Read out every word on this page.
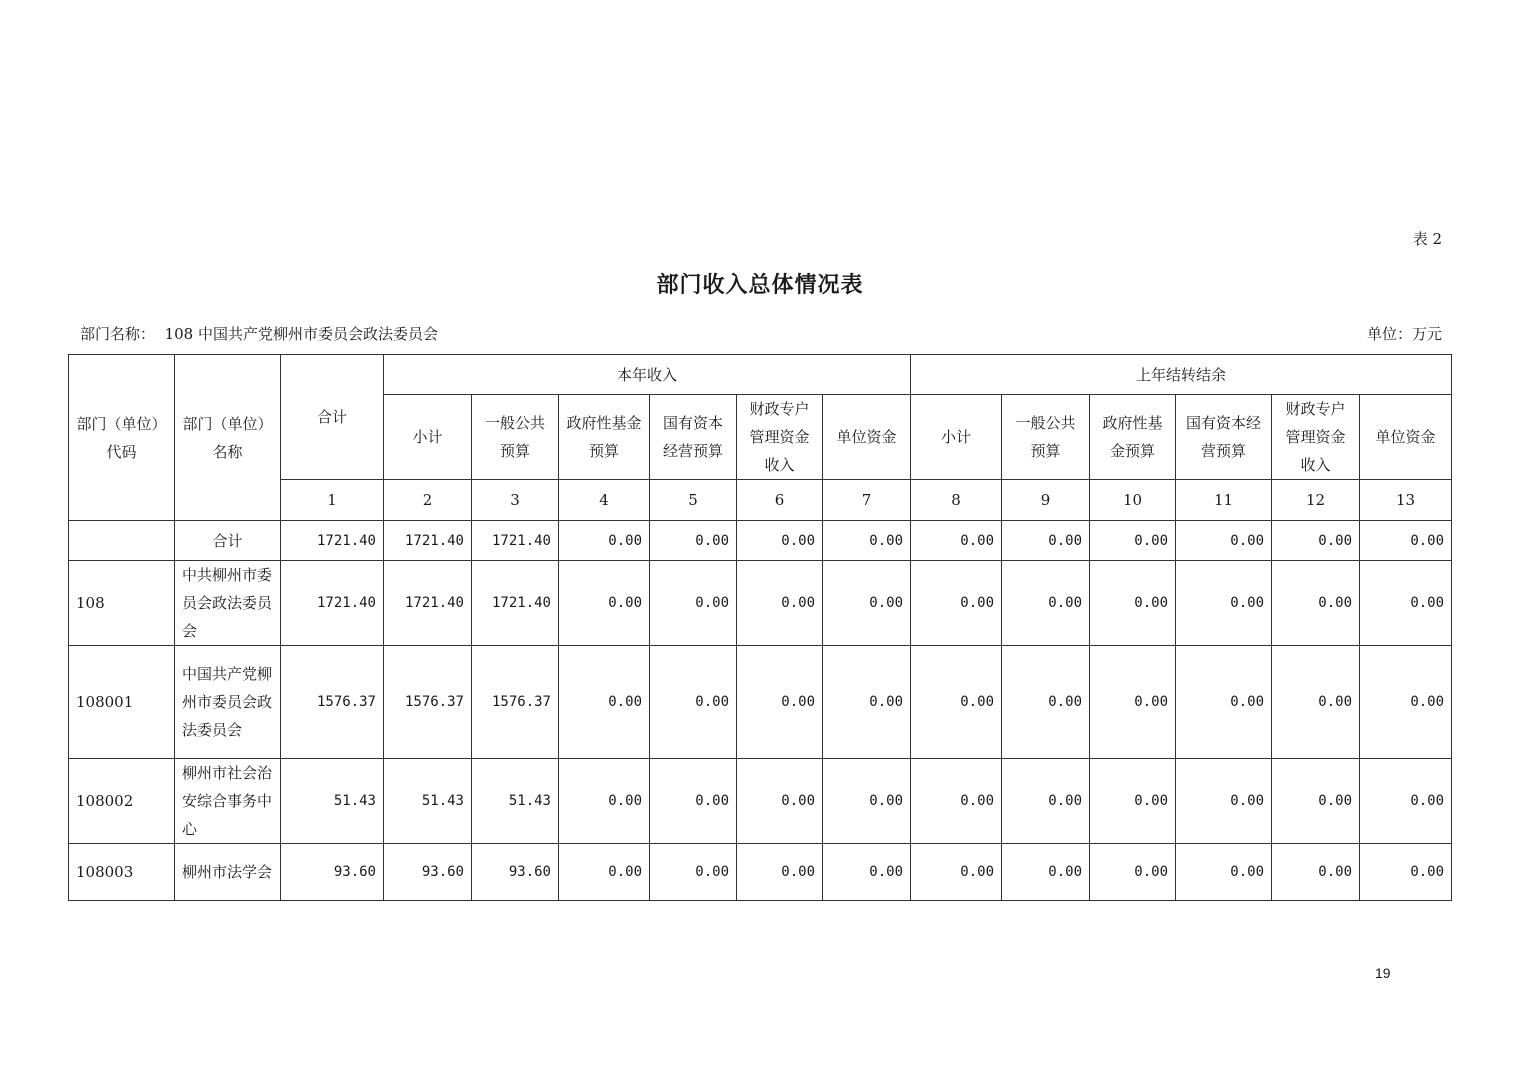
表 2
部门收入总体情况表
部门名称： 108 中国共产党柳州市委员会政法委员会	单位：万元
部门（单位）代码	部门（单位）名称	合计	本年收入						上年结转结余					
			小计	一般公共预算	政府性基金预算	国有资本经营预算	财政专户管理资金收入	单位资金	小计	一般公共预算	政府性基金预算	国有资本经营预算	财政专户管理资金收入	单位资金
		1	2	3	4	5	6	7	8	9	10	11	12	13
	合计	1721.40	1721.40	1721.40	0.00	0.00	0.00	0.00	0.00	0.00	0.00	0.00	0.00	0.00
108	中共柳州市委员会政法委员会	1721.40	1721.40	1721.40	0.00	0.00	0.00	0.00	0.00	0.00	0.00	0.00	0.00	0.00
108001	中国共产党柳州市委员会政法委员会	1576.37	1576.37	1576.37	0.00	0.00	0.00	0.00	0.00	0.00	0.00	0.00	0.00	0.00
108002	柳州市社会治安综合事务中心	51.43	51.43	51.43	0.00	0.00	0.00	0.00	0.00	0.00	0.00	0.00	0.00	0.00
108003	柳州市法学会	93.60	93.60	93.60	0.00	0.00	0.00	0.00	0.00	0.00	0.00	0.00	0.00	0.00
19
